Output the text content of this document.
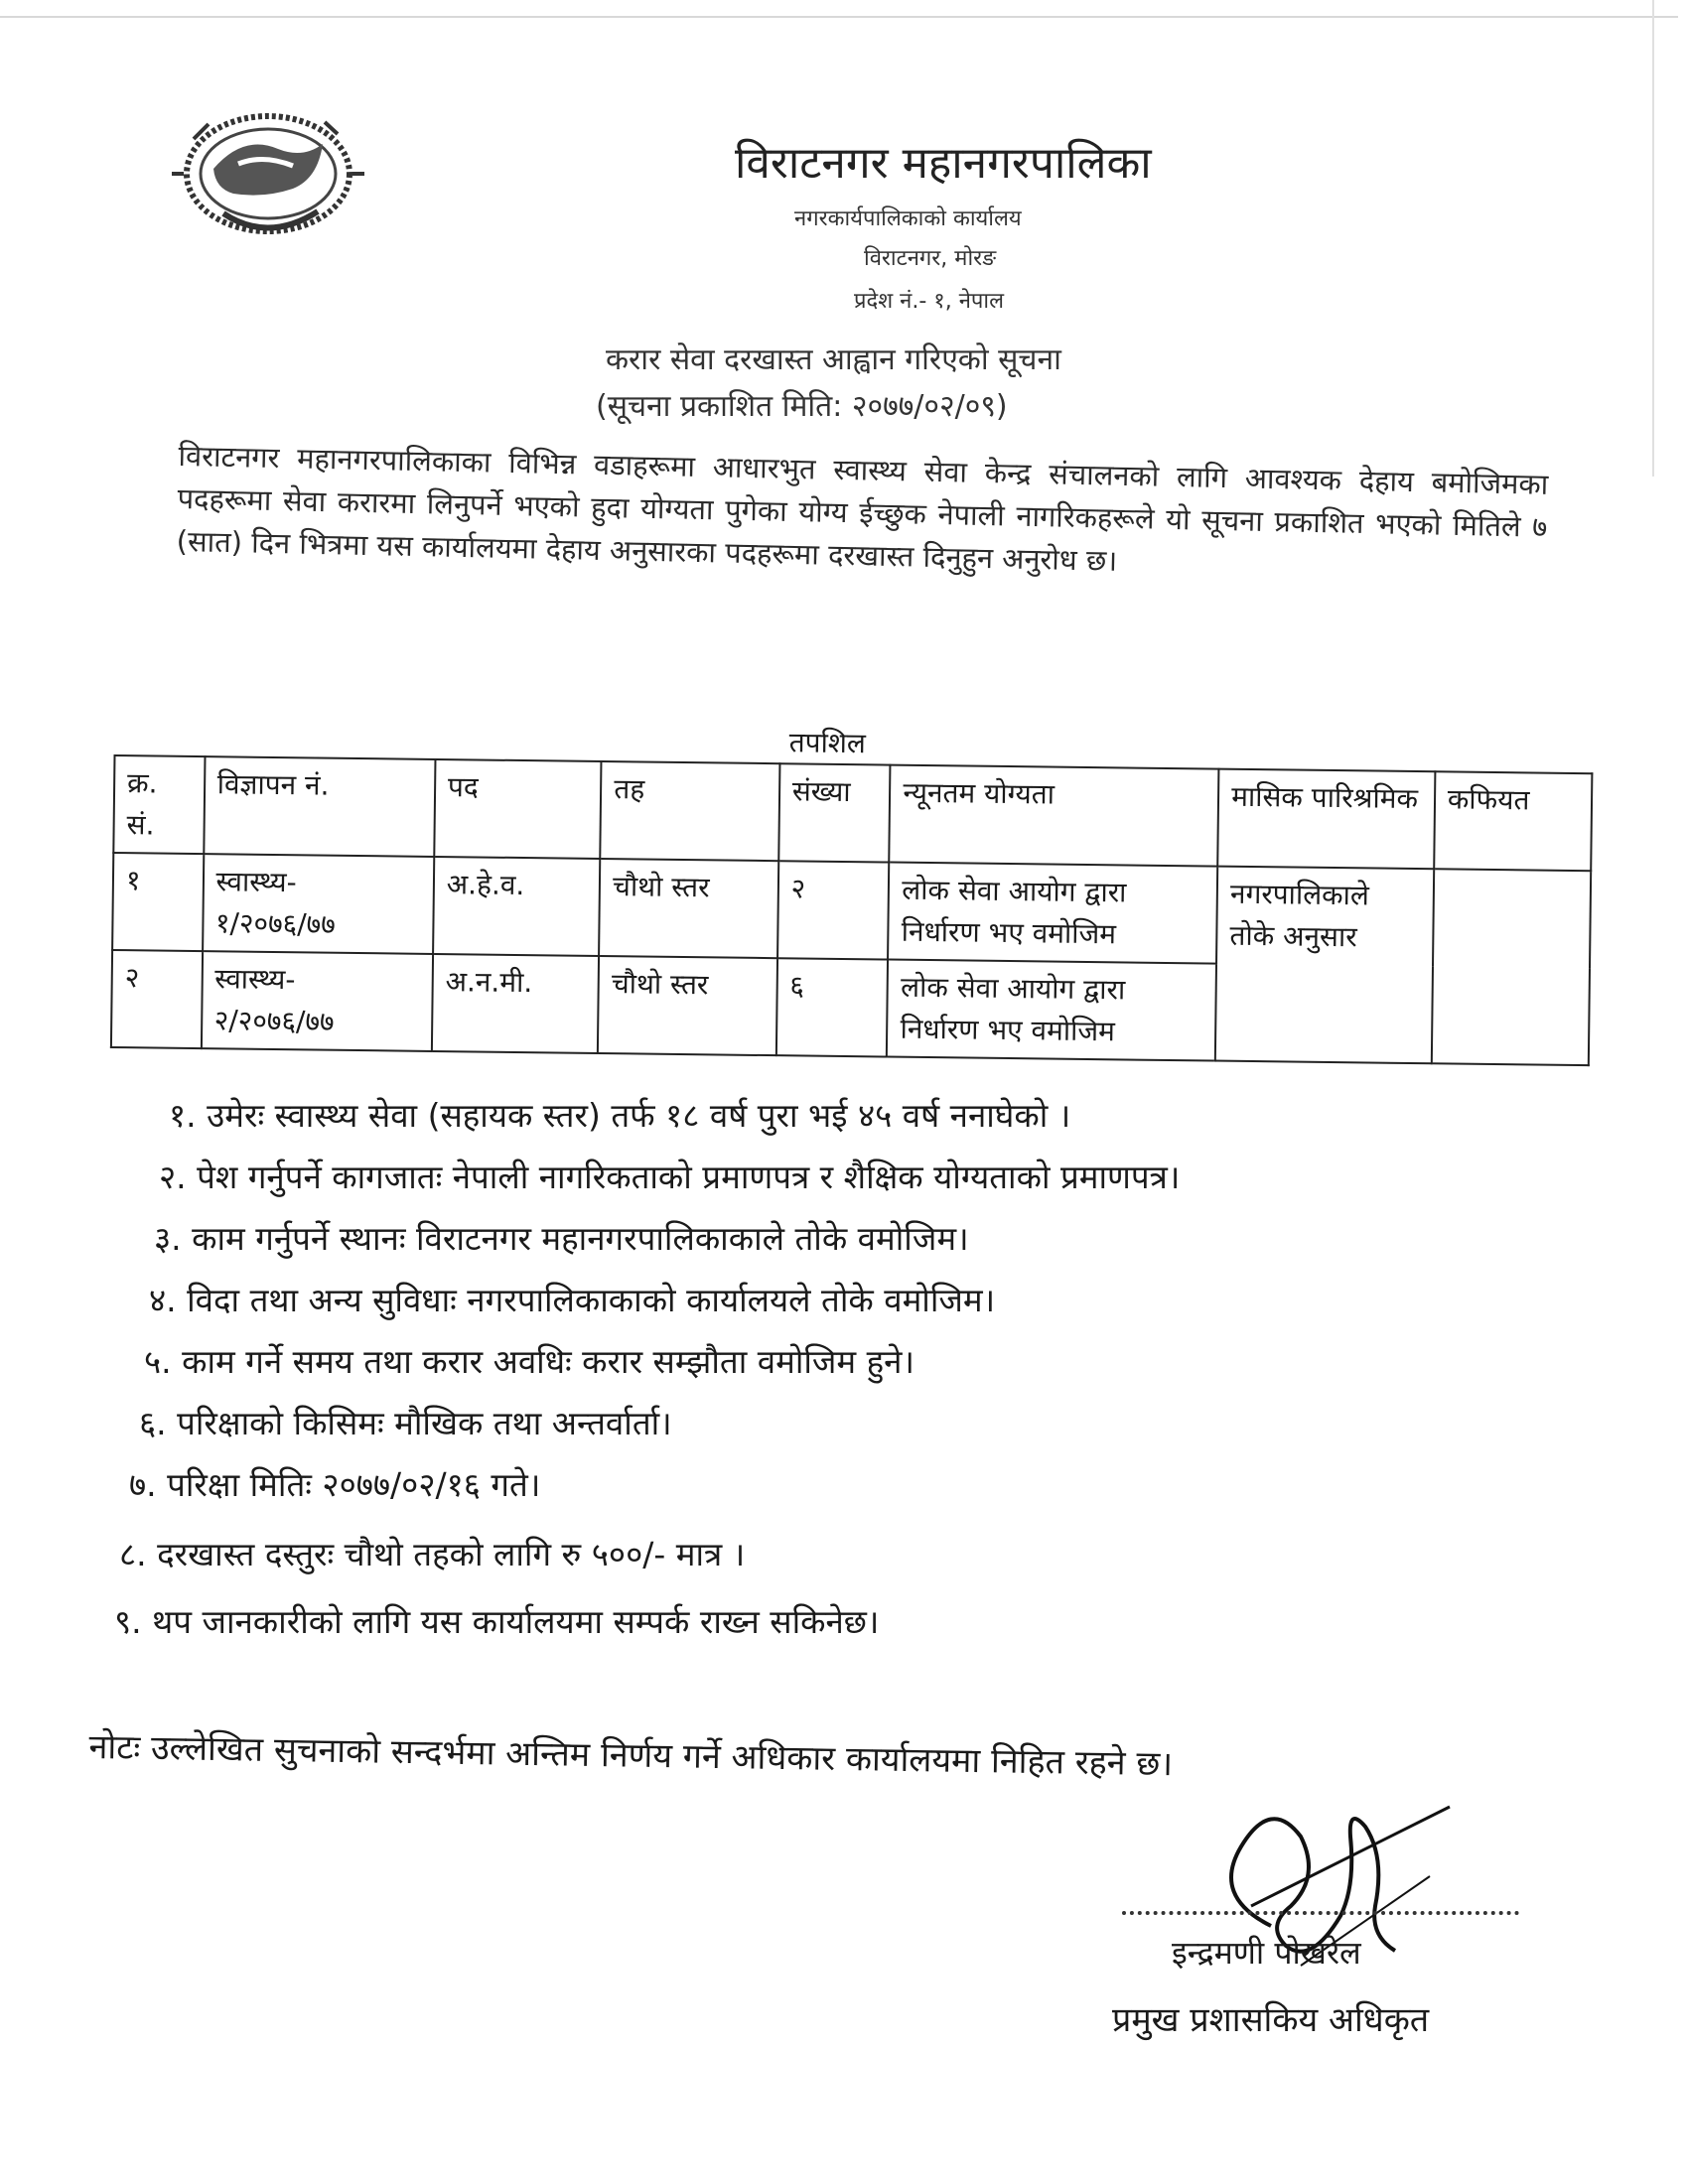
विराटनगर महानगरपालिका
नगरकार्यपालिकाको कार्यालय
विराटनगर, मोरङ
प्रदेश नं.- १, नेपाल
करार सेवा दरखास्त आह्वान गरिएको सूचना
(सूचना प्रकाशित मिति: २०७७/०२/०९)
विराटनगर महानगरपालिकाका विभिन्न वडाहरूमा आधारभुत स्वास्थ्य सेवा केन्द्र संचालनको लागि आवश्यक देहाय बमोजिमका पदहरूमा सेवा करारमा लिनुपर्ने भएको हुदा योग्यता पुगेका योग्य ईच्छुक नेपाली नागरिकहरूले यो सूचना प्रकाशित भएको मितिले ७ (सात) दिन भित्रमा यस कार्यालयमा देहाय अनुसारका पदहरूमा दरखास्त दिनुहुन अनुरोध छ।
तपशिल
क्र. सं.	विज्ञापन नं.	पद	तह	संख्या	न्यूनतम योग्यता	मासिक पारिश्रमिक	कफियत
१	स्वास्थ्य- १/२०७६/७७	अ.हे.व.	चौथो स्तर	२	लोक सेवा आयोग द्वारा निर्धारण भए वमोजिम	नगरपालिकाले तोके अनुसार	
२	स्वास्थ्य- २/२०७६/७७	अ.न.मी.	चौथो स्तर	६	लोक सेवा आयोग द्वारा निर्धारण भए वमोजिम		
१. उमेरः स्वास्थ्य सेवा (सहायक स्तर) तर्फ १८ वर्ष पुरा भई ४५ वर्ष ननाघेको ।
२. पेश गर्नुपर्ने कागजातः नेपाली नागरिकताको प्रमाणपत्र र शैक्षिक योग्यताको प्रमाणपत्र।
३. काम गर्नुपर्ने स्थानः विराटनगर महानगरपालिकाकाले तोके वमोजिम।
४. विदा तथा अन्य सुविधाः नगरपालिकाकाको कार्यालयले तोके वमोजिम।
५. काम गर्ने समय तथा करार अवधिः करार सम्झौता वमोजिम हुने।
६. परिक्षाको किसिमः मौखिक तथा अन्तर्वार्ता।
७. परिक्षा मितिः २०७७/०२/१६ गते।
८. दरखास्त दस्तुरः चौथो तहको लागि रु ५००/- मात्र ।
९. थप जानकारीको लागि यस कार्यालयमा सम्पर्क राख्न सकिनेछ।
नोटः उल्लेखित सुचनाको सन्दर्भमा अन्तिम निर्णय गर्ने अधिकार कार्यालयमा निहित रहने छ।
इन्द्रमणी पोखरेल
प्रमुख प्रशासकिय अधिकृत
